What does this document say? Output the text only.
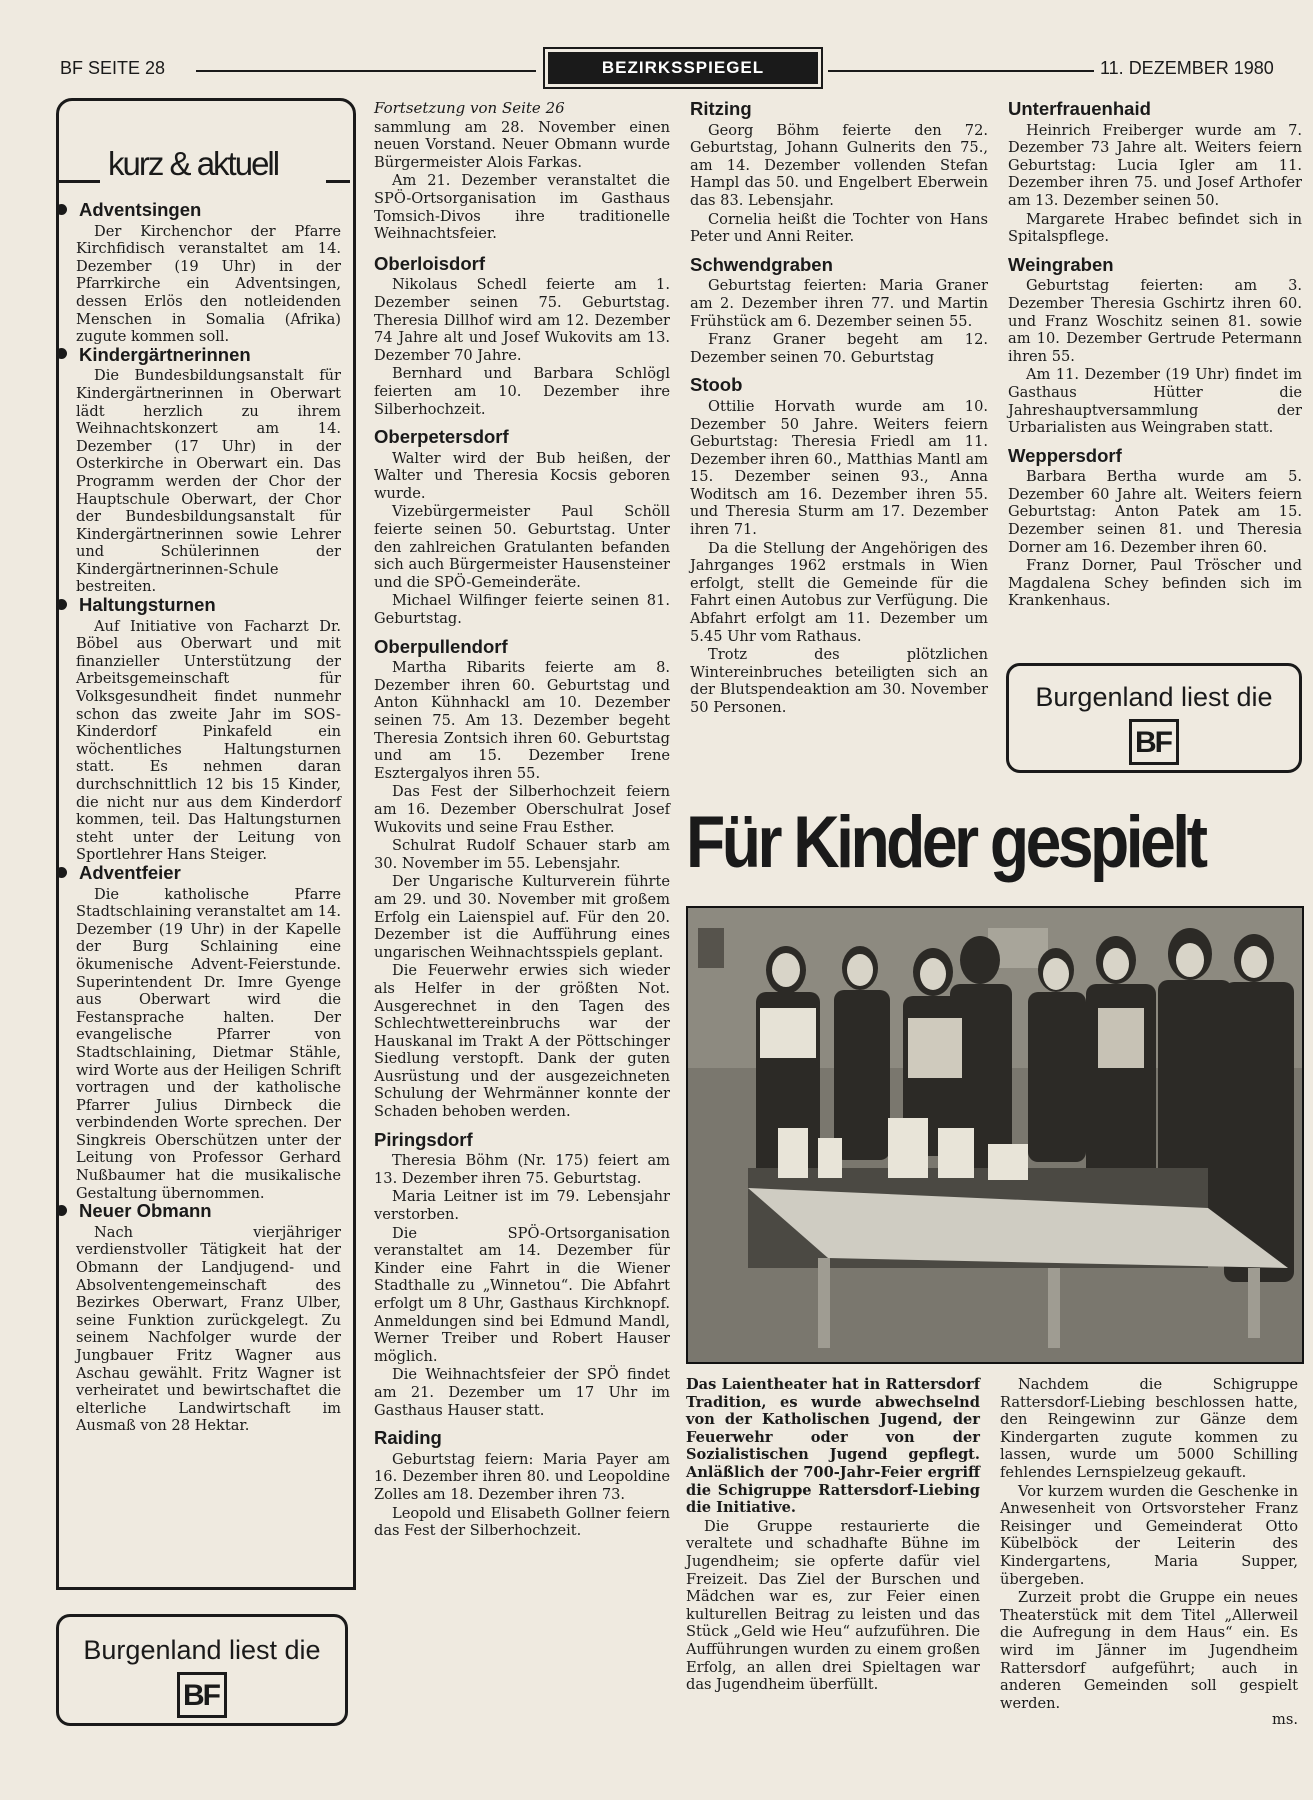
BF SEITE 28	BEZIRKSSPIEGEL	11. DEZEMBER 1980
kurz & aktuell
Adventsingen

Der Kirchenchor der Pfarre Kirchfidisch veranstaltet am 14. Dezember (19 Uhr) in der Pfarrkirche ein Adventsingen, dessen Erlös den notleidenden Menschen in Somalia (Afrika) zugute kommen soll.

Kindergärtnerinnen

Die Bundesbildungsanstalt für Kindergärtnerinnen in Oberwart lädt herzlich zu ihrem Weihnachtskonzert am 14. Dezember (17 Uhr) in der Osterkirche in Oberwart ein. Das Programm werden der Chor der Hauptschule Oberwart, der Chor der Bundesbildungsanstalt für Kindergärtnerinnen sowie Lehrer und Schülerinnen der Kindergärtnerinnen-Schule bestreiten.

Haltungsturnen

Auf Initiative von Facharzt Dr. Böbel aus Oberwart und mit finanzieller Unterstützung der Arbeitsgemeinschaft für Volksgesundheit findet nunmehr schon das zweite Jahr im SOS-Kinderdorf Pinkafeld ein wöchentliches Haltungsturnen statt. Es nehmen daran durchschnittlich 12 bis 15 Kinder, die nicht nur aus dem Kinderdorf kommen, teil. Das Haltungsturnen steht unter der Leitung von Sportlehrer Hans Steiger.

Adventfeier

Die katholische Pfarre Stadtschlaining veranstaltet am 14. Dezember (19 Uhr) in der Kapelle der Burg Schlaining eine ökumenische Advent-Feierstunde. Superintendent Dr. Imre Gyenge aus Oberwart wird die Festansprache halten. Der evangelische Pfarrer von Stadtschlaining, Dietmar Stähle, wird Worte aus der Heiligen Schrift vortragen und der katholische Pfarrer Julius Dirnbeck die verbindenden Worte sprechen. Der Singkreis Oberschützen unter der Leitung von Professor Gerhard Nußbaumer hat die musikalische Gestaltung übernommen.

Neuer Obmann

Nach vierjähriger verdienstvoller Tätigkeit hat der Obmann der Landjugend- und Absolventengemeinschaft des Bezirkes Oberwart, Franz Ulber, seine Funktion zurückgelegt. Zu seinem Nachfolger wurde der Jungbauer Fritz Wagner aus Aschau gewählt. Fritz Wagner ist verheiratet und bewirtschaftet die elterliche Landwirtschaft im Ausmaß von 28 Hektar.

Burgenland liest die
BF

Fortsetzung von Seite 26

sammlung am 28. November einen neuen Vorstand. Neuer Obmann wurde Bürgermeister Alois Farkas.

Am 21. Dezember veranstaltet die SPÖ-Ortsorganisation im Gasthaus Tomsich-Divos ihre traditionelle Weihnachtsfeier.

Oberloisdorf

Nikolaus Schedl feierte am 1. Dezember seinen 75. Geburtstag. Theresia Dillhof wird am 12. Dezember 74 Jahre alt und Josef Wukovits am 13. Dezember 70 Jahre.

Bernhard und Barbara Schlögl feierten am 10. Dezember ihre Silberhochzeit.

Oberpetersdorf

Walter wird der Bub heißen, der Walter und Theresia Kocsis geboren wurde.

Vizebürgermeister Paul Schöll feierte seinen 50. Geburtstag. Unter den zahlreichen Gratulanten befanden sich auch Bürgermeister Hausensteiner und die SPÖ-Gemeinderäte.

Michael Wilfinger feierte seinen 81. Geburtstag.

Oberpullendorf

Martha Ribarits feierte am 8. Dezember ihren 60. Geburtstag und Anton Kühnhackl am 10. Dezember seinen 75. Am 13. Dezember begeht Theresia Zontsich ihren 60. Geburtstag und am 15. Dezember Irene Esztergalyos ihren 55.

Das Fest der Silberhochzeit feiern am 16. Dezember Oberschulrat Josef Wukovits und seine Frau Esther.

Schulrat Rudolf Schauer starb am 30. November im 55. Lebensjahr.

Der Ungarische Kulturverein führte am 29. und 30. November mit großem Erfolg ein Laienspiel auf. Für den 20. Dezember ist die Aufführung eines ungarischen Weihnachtsspiels geplant.

Die Feuerwehr erwies sich wieder als Helfer in der größten Not. Ausgerechnet in den Tagen des Schlechtwettereinbruchs war der Hauskanal im Trakt A der Pöttschinger Siedlung verstopft. Dank der guten Ausrüstung und der ausgezeichneten Schulung der Wehrmänner konnte der Schaden behoben werden.

Piringsdorf

Theresia Böhm (Nr. 175) feiert am 13. Dezember ihren 75. Geburtstag.

Maria Leitner ist im 79. Lebensjahr verstorben.

Die SPÖ-Ortsorganisation veranstaltet am 14. Dezember für Kinder eine Fahrt in die Wiener Stadthalle zu „Winnetou“. Die Abfahrt erfolgt um 8 Uhr, Gasthaus Kirchknopf. Anmeldungen sind bei Edmund Mandl, Werner Treiber und Robert Hauser möglich.

Die Weihnachtsfeier der SPÖ findet am 21. Dezember um 17 Uhr im Gasthaus Hauser statt.

Raiding

Geburtstag feiern: Maria Payer am 16. Dezember ihren 80. und Leopoldine Zolles am 18. Dezember ihren 73.

Leopold und Elisabeth Gollner feiern das Fest der Silberhochzeit.

Ritzing

Georg Böhm feierte den 72. Geburtstag, Johann Gulnerits den 75., am 14. Dezember vollenden Stefan Hampl das 50. und Engelbert Eberwein das 83. Lebensjahr.

Cornelia heißt die Tochter von Hans Peter und Anni Reiter.

Schwendgraben

Geburtstag feierten: Maria Graner am 2. Dezember ihren 77. und Martin Frühstück am 6. Dezember seinen 55.

Franz Graner begeht am 12. Dezember seinen 70. Geburtstag

Stoob

Ottilie Horvath wurde am 10. Dezember 50 Jahre. Weiters feiern Geburtstag: Theresia Friedl am 11. Dezember ihren 60., Matthias Mantl am 15. Dezember seinen 93., Anna Woditsch am 16. Dezember ihren 55. und Theresia Sturm am 17. Dezember ihren 71.

Da die Stellung der Angehörigen des Jahrganges 1962 erstmals in Wien erfolgt, stellt die Gemeinde für die Fahrt einen Autobus zur Verfügung. Die Abfahrt erfolgt am 11. Dezember um 5.45 Uhr vom Rathaus.

Trotz des plötzlichen Wintereinbruches beteiligten sich an der Blutspendeaktion am 30. November 50 Personen.

Unterfrauenhaid

Heinrich Freiberger wurde am 7. Dezember 73 Jahre alt. Weiters feiern Geburtstag: Lucia Igler am 11. Dezember ihren 75. und Josef Arthofer am 13. Dezember seinen 50.

Margarete Hrabec befindet sich in Spitalspflege.

Weingraben

Geburtstag feierten: am 3. Dezember Theresia Gschirtz ihren 60. und Franz Woschitz seinen 81. sowie am 10. Dezember Gertrude Petermann ihren 55.

Am 11. Dezember (19 Uhr) findet im Gasthaus Hütter die Jahreshauptversammlung der Urbarialisten aus Weingraben statt.

Weppersdorf

Barbara Bertha wurde am 5. Dezember 60 Jahre alt. Weiters feiern Geburtstag: Anton Patek am 15. Dezember seinen 81. und Theresia Dorner am 16. Dezember ihren 60.

Franz Dorner, Paul Tröscher und Magdalena Schey befinden sich im Krankenhaus.

Burgenland liest die
BF
Für Kinder gespielt

Das Laientheater hat in Rattersdorf Tradition, es wurde abwechselnd von der Katholischen Jugend, der Feuerwehr oder von der Sozialistischen Jugend gepflegt. Anläßlich der 700-Jahr-Feier ergriff die Schigruppe Rattersdorf-Liebing die Initiative.

Die Gruppe restaurierte die veraltete und schadhafte Bühne im Jugendheim; sie opferte dafür viel Freizeit. Das Ziel der Burschen und Mädchen war es, zur Feier einen kulturellen Beitrag zu leisten und das Stück „Geld wie Heu“ aufzuführen. Die Aufführungen wurden zu einem großen Erfolg, an allen drei Spieltagen war das Jugendheim überfüllt.

Nachdem die Schigruppe Rattersdorf-Liebing beschlossen hatte, den Reingewinn zur Gänze dem Kindergarten zugute kommen zu lassen, wurde um 5000 Schilling fehlendes Lernspielzeug gekauft.

Vor kurzem wurden die Geschenke in Anwesenheit von Ortsvorsteher Franz Reisinger und Gemeinderat Otto Kübelböck der Leiterin des Kindergartens, Maria Supper, übergeben.

Zurzeit probt die Gruppe ein neues Theaterstück mit dem Titel „Allerweil die Aufregung in dem Haus“ ein. Es wird im Jänner im Jugendheim Rattersdorf aufgeführt; auch in anderen Gemeinden soll gespielt werden.

ms.
